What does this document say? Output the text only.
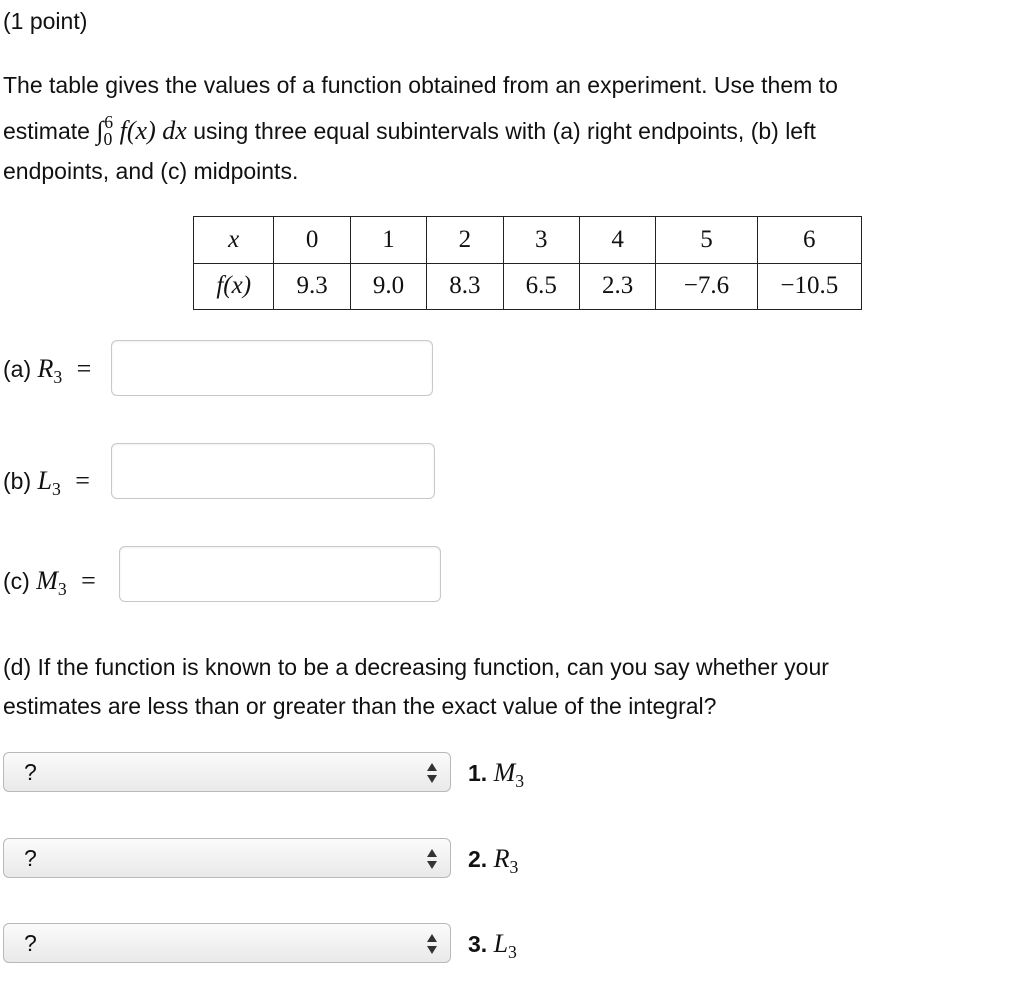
(1 point)
The table gives the values of a function obtained from an experiment. Use them to
estimate $\int_0^6$ f(x) dx using three equal subintervals with (a) right endpoints, (b) left
endpoints, and (c) midpoints.
x	0	1	2	3	4	5	6
f(x)	9.3	9.0	8.3	6.5	2.3	−7.6	−10.5
(a) $R_3$ =
(b) $L_3$ =
(c) $M_3$ =
(d) If the function is known to be a decreasing function, can you say whether your
estimates are less than or greater than the exact value of the integral?
?	1. $M_3$
?	2. $R_3$
?	3. $L_3$
